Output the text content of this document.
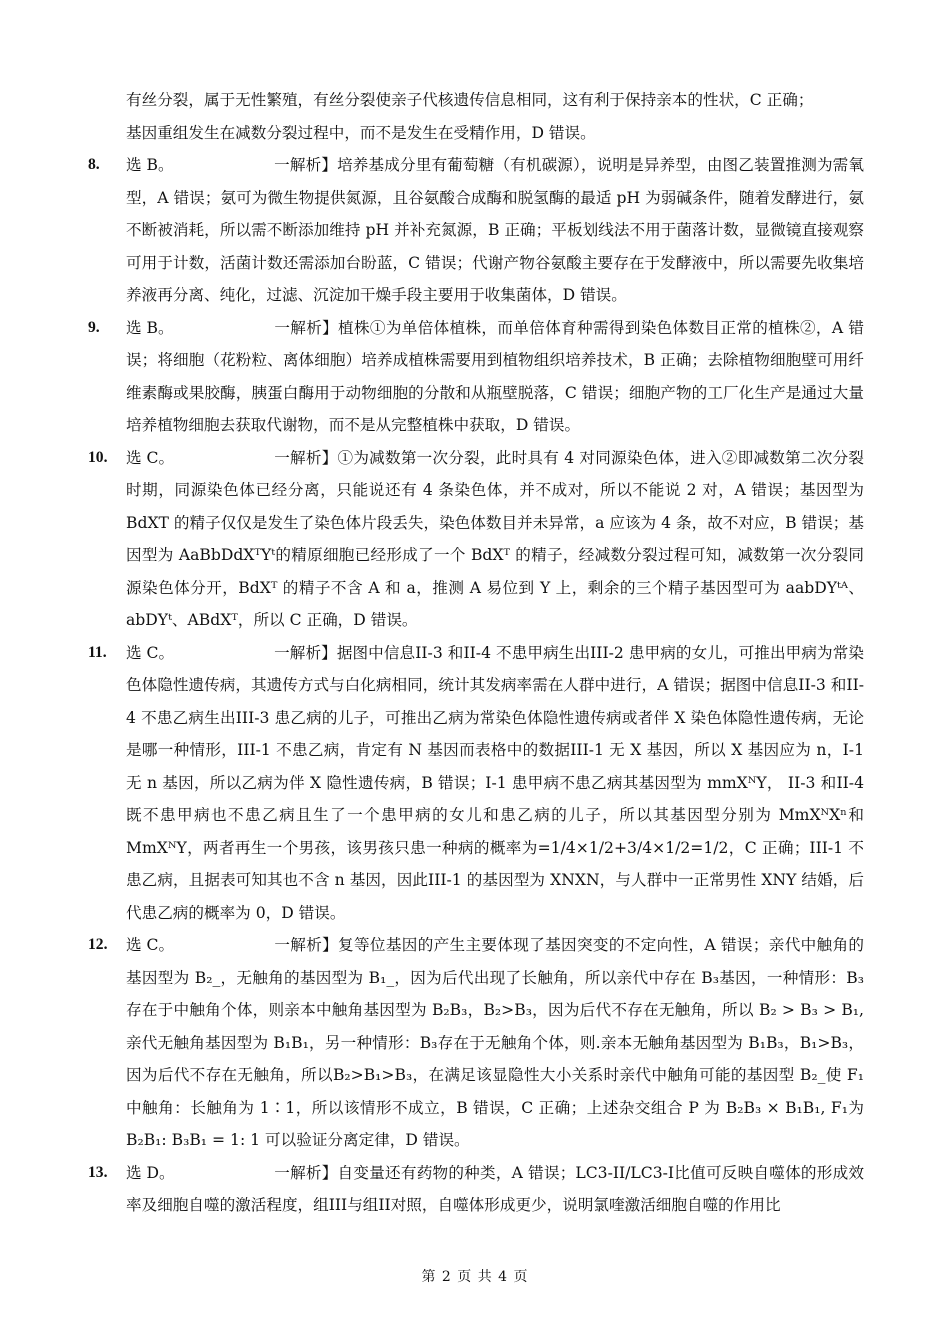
有丝分裂，属于无性繁殖，有丝分裂使亲子代核遗传信息相同，这有利于保持亲本的性状，C 正确；
基因重组发生在减数分裂过程中，而不是发生在受精作用，D 错误。
8. 选 B。	一解析】培养基成分里有葡萄糖（有机碳源），说明是异养型，由图乙装置推测为需氧型，A 错误；氨可为微生物提供氮源，且谷氨酸合成酶和脱氢酶的最适 pH 为弱碱条件，随着发酵进行，氨不断被消耗，所以需不断添加维持 pH 并补充氮源，B 正确；平板划线法不用于菌落计数，显微镜直接观察可用于计数，活菌计数还需添加台盼蓝，C 错误；代谢产物谷氨酸主要存在于发酵液中，所以需要先收集培养液再分离、纯化，过滤、沉淀加干燥手段主要用于收集菌体，D 错误。
9. 选 B。	一解析】植株①为单倍体植株，而单倍体育种需得到染色体数目正常的植株②，A 错误；将细胞（花粉粒、离体细胞）培养成植株需要用到植物组织培养技术，B 正确；去除植物细胞壁可用纤维素酶或果胶酶，胰蛋白酶用于动物细胞的分散和从瓶壁脱落，C 错误；细胞产物的工厂化生产是通过大量培养植物细胞去获取代谢物，而不是从完整植株中获取，D 错误。
10. 选 C。	一解析】①为减数第一次分裂，此时具有 4 对同源染色体，进入②即减数第二次分裂时期，同源染色体已经分离，只能说还有 4 条染色体，并不成对，所以不能说 2 对，A 错误；基因型为 BdXT 的精子仅仅是发生了染色体片段丢失，染色体数目并未异常，a 应该为 4 条，故不对应，B 错误；基因型为 AaBbDdXᵀYᵗ的精原细胞已经形成了一个 BdXᵀ 的精子，经减数分裂过程可知，减数第一次分裂同源染色体分开，BdXᵀ 的精子不含 A 和 a，推测 A 易位到 Y 上，剩余的三个精子基因型可为 aabDYᵗᴬ、abDYᵗ、ABdXᵀ，所以 C 正确，D 错误。
11. 选 C。	一解析】据图中信息II-3 和II-4 不患甲病生出III-2 患甲病的女儿，可推出甲病为常染色体隐性遗传病，其遗传方式与白化病相同，统计其发病率需在人群中进行，A 错误；据图中信息II-3 和II-4 不患乙病生出III-3 患乙病的儿子，可推出乙病为常染色体隐性遗传病或者伴 X 染色体隐性遗传病，无论是哪一种情形，III-1 不患乙病，肯定有 N 基因而表格中的数据III-1 无 X 基因，所以 X 基因应为 n，I-1 无 n 基因，所以乙病为伴 X 隐性遗传病，B 错误；I-1 患甲病不患乙病其基因型为 mmXᴺY， II-3 和II-4 既不患甲病也不患乙病且生了一个患甲病的女儿和患乙病的儿子，所以其基因型分别为 MmXᴺXⁿ和 MmXᴺY，两者再生一个男孩，该男孩只患一种病的概率为=1/4×1/2+3/4×1/2=1/2，C 正确；III-1 不患乙病，且据表可知其也不含 n 基因，因此III-1 的基因型为 XNXN，与人群中一正常男性 XNY 结婚，后代患乙病的概率为 0，D 错误。
12. 选 C。	一解析】复等位基因的产生主要体现了基因突变的不定向性，A 错误；亲代中触角的基因型为 B₂_，无触角的基因型为 B₁_，因为后代出现了长触角，所以亲代中存在 B₃基因，一种情形：B₃存在于中触角个体，则亲本中触角基因型为 B₂B₃，B₂>B₃，因为后代不存在无触角，所以 B₂ > B₃ > B₁,亲代无触角基因型为 B₁B₁，另一种情形：B₃存在于无触角个体，则.亲本无触角基因型为 B₁B₃，B₁>B₃，因为后代不存在无触角，所以B₂>B₁>B₃，在满足该显隐性大小关系时亲代中触角可能的基因型 B₂_使 F₁中触角：长触角为 1∶1，所以该情形不成立，B 错误，C 正确；上述杂交组合 P 为 B₂B₃ × B₁B₁, F₁为 B₂B₁: B₃B₁ = 1: 1 可以验证分离定律，D 错误。
13. 选 D。	一解析】自变量还有药物的种类，A 错误；LC3-II/LC3-I比值可反映自噬体的形成效率及细胞自噬的激活程度，组III与组II对照，自噬体形成更少，说明氯喹激活细胞自噬的作用比
第 2 页 共 4 页
